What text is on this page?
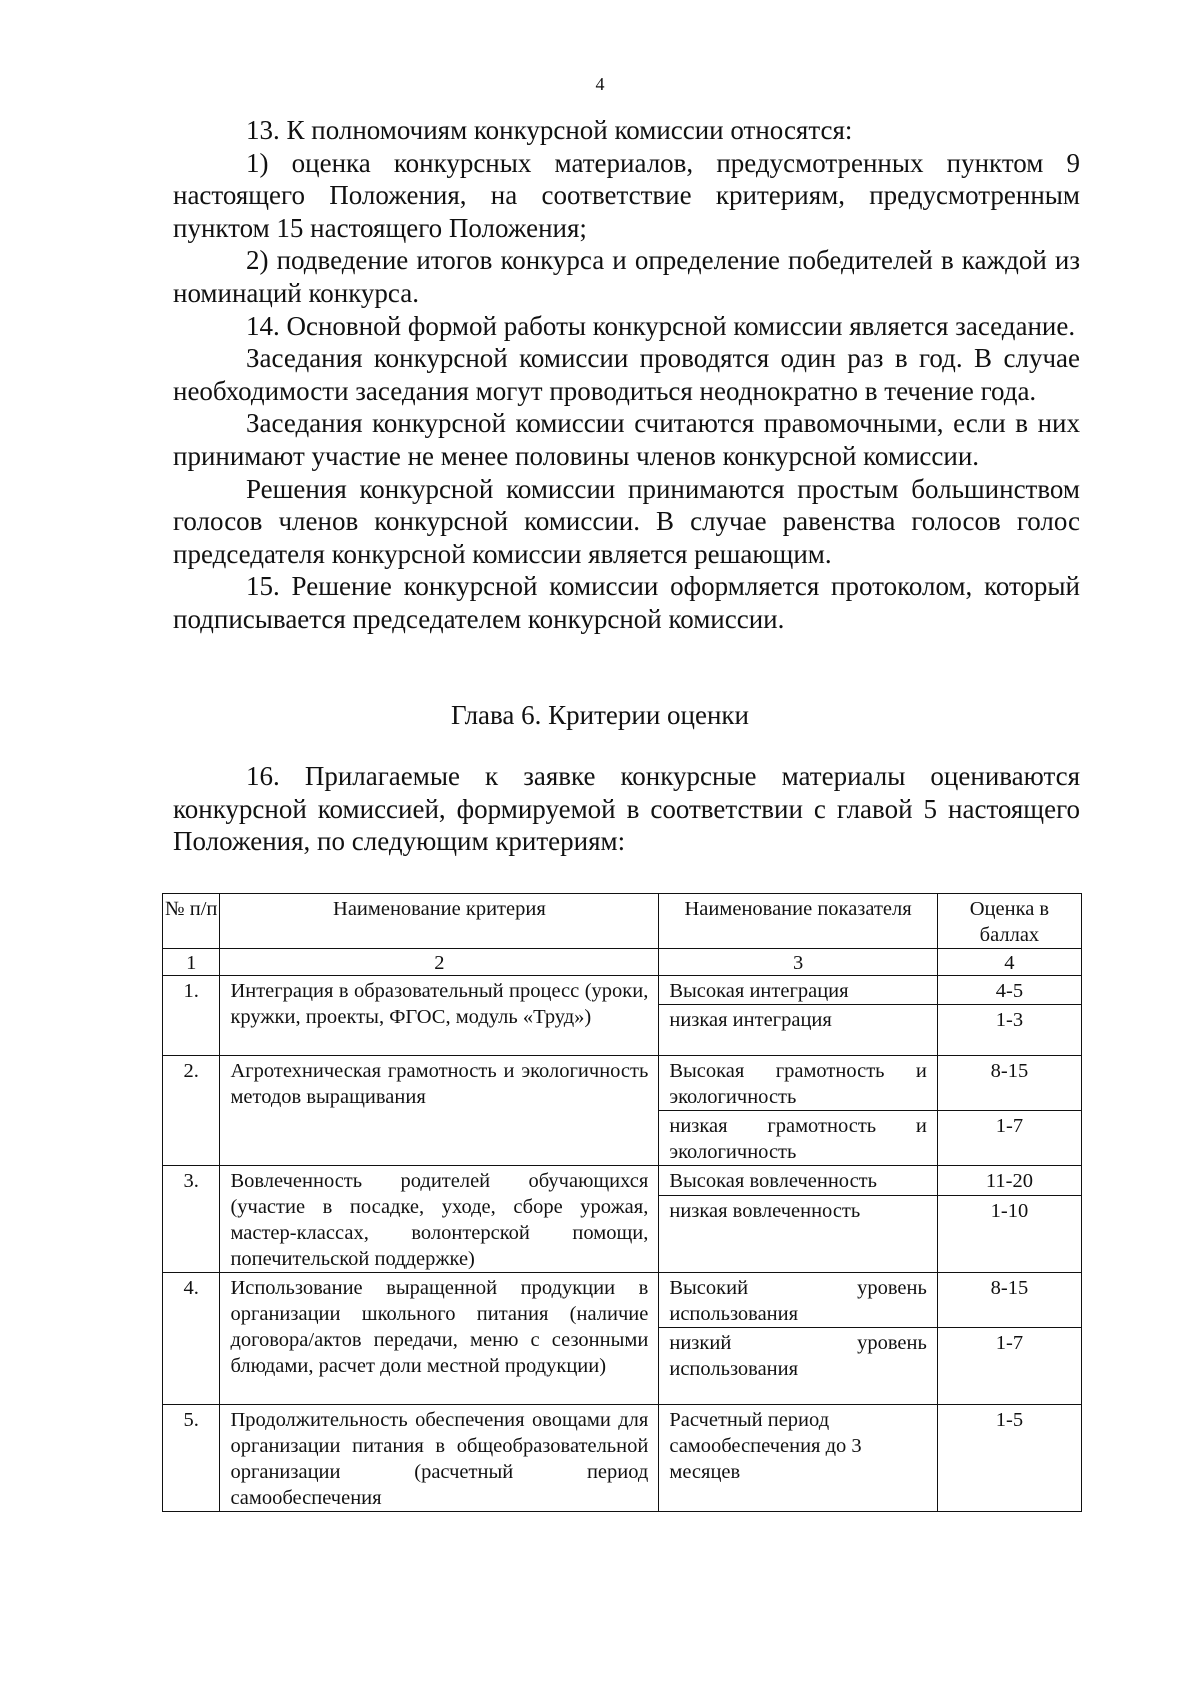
4

13. К полномочиям конкурсной комиссии относятся:

1) оценка конкурсных материалов, предусмотренных пунктом 9 настоящего Положения, на соответствие критериям, предусмотренным пунктом 15 настоящего Положения;

2) подведение итогов конкурса и определение победителей в каждой из номинаций конкурса.

14. Основной формой работы конкурсной комиссии является заседание.

Заседания конкурсной комиссии проводятся один раз в год. В случае необходимости заседания могут проводиться неоднократно в течение года.

Заседания конкурсной комиссии считаются правомочными, если в них принимают участие не менее половины членов конкурсной комиссии.

Решения конкурсной комиссии принимаются простым большинством голосов членов конкурсной комиссии. В случае равенства голосов голос председателя конкурсной комиссии является решающим.

15. Решение конкурсной комиссии оформляется протоколом, который подписывается председателем конкурсной комиссии.

Глава 6. Критерии оценки

16. Прилагаемые к заявке конкурсные материалы оцениваются конкурсной комиссией, формируемой в соответствии с главой 5 настоящего Положения, по следующим критериям:

№ п/п	Наименование критерия	Наименование показателя	Оценка в баллах
1	2	3	4
1.	Интеграция в образовательный процесс (уроки, кружки, проекты, ФГОС, модуль «Труд»)	Высокая интеграция	4-5
		низкая интеграция	1-3
2.	Агротехническая грамотность и экологичность методов выращивания	Высокая грамотность и экологичность	8-15
		низкая грамотность и экологичность	1-7
3.	Вовлеченность родителей обучающихся (участие в посадке, уходе, сборе урожая, мастер-классах, волонтерской помощи, попечительской поддержке)	Высокая вовлеченность	11-20
		низкая вовлеченность	1-10
4.	Использование выращенной продукции в организации школьного питания (наличие договора/актов передачи, меню с сезонными блюдами, расчет доли местной продукции)	Высокий уровень использования	8-15
		низкий уровень использования	1-7
5.	Продолжительность обеспечения овощами для организации питания в общеобразовательной организации (расчетный период самообеспечения	Расчетный период самообеспечения до 3 месяцев	1-5
